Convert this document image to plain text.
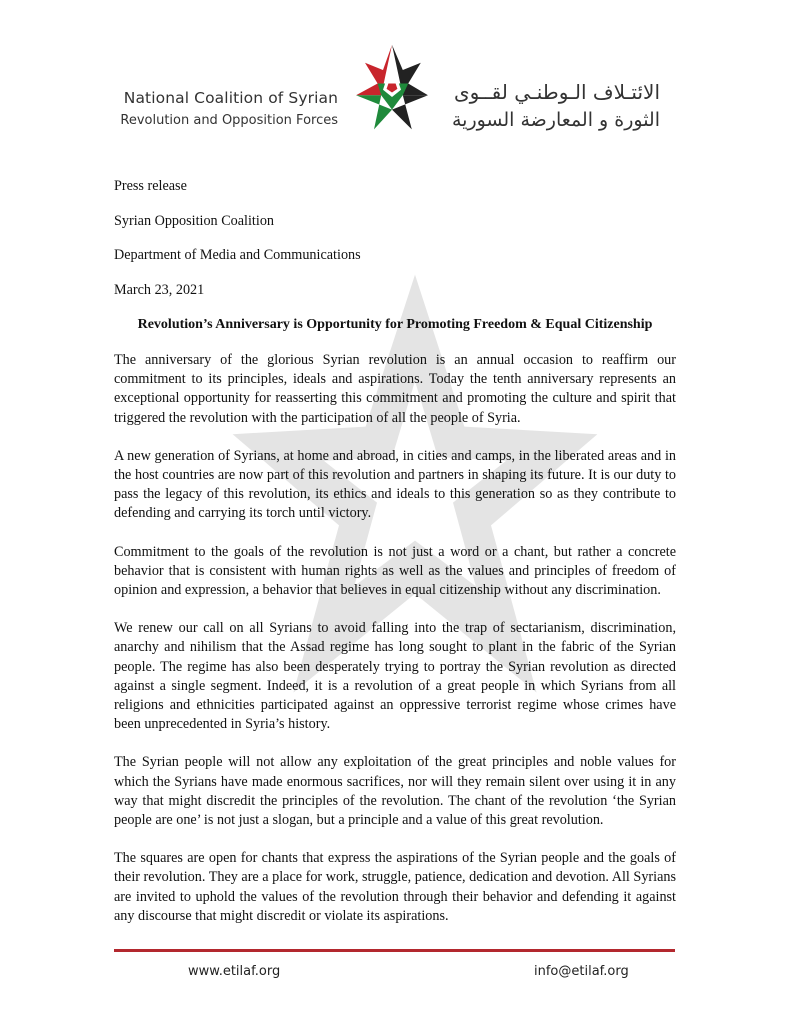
National Coalition of Syrian
Revolution and Opposition Forces
الائتـلاف الـوطنـي لقــوى
الثورة و المعارضة السورية
Press release
Syrian Opposition Coalition
Department of Media and Communications
March 23, 2021
Revolution’s Anniversary is Opportunity for Promoting Freedom & Equal Citizenship

The anniversary of the glorious Syrian revolution is an annual occasion to reaffirm our commitment to its principles, ideals and aspirations. Today the tenth anniversary represents an exceptional opportunity for reasserting this commitment and promoting the culture and spirit that triggered the revolution with the participation of all the people of Syria.

A new generation of Syrians, at home and abroad, in cities and camps, in the liberated areas and in the host countries are now part of this revolution and partners in shaping its future. It is our duty to pass the legacy of this revolution, its ethics and ideals to this generation so as they contribute to defending and carrying its torch until victory.

Commitment to the goals of the revolution is not just a word or a chant, but rather a concrete behavior that is consistent with human rights as well as the values and principles of freedom of opinion and expression, a behavior that believes in equal citizenship without any discrimination.

We renew our call on all Syrians to avoid falling into the trap of sectarianism, discrimination, anarchy and nihilism that the Assad regime has long sought to plant in the fabric of the Syrian people. The regime has also been desperately trying to portray the Syrian revolution as directed against a single segment. Indeed, it is a revolution of a great people in which Syrians from all religions and ethnicities participated against an oppressive terrorist regime whose crimes have been unprecedented in Syria’s history.

The Syrian people will not allow any exploitation of the great principles and noble values for which the Syrians have made enormous sacrifices, nor will they remain silent over using it in any way that might discredit the principles of the revolution. The chant of the revolution ‘the Syrian people are one’ is not just a slogan, but a principle and a value of this great revolution.

The squares are open for chants that express the aspirations of the Syrian people and the goals of their revolution. They are a place for work, struggle, patience, dedication and devotion. All Syrians are invited to uphold the values of the revolution through their behavior and defending it against any discourse that might discredit or violate its aspirations.

www.etilaf.org	info@etilaf.org
